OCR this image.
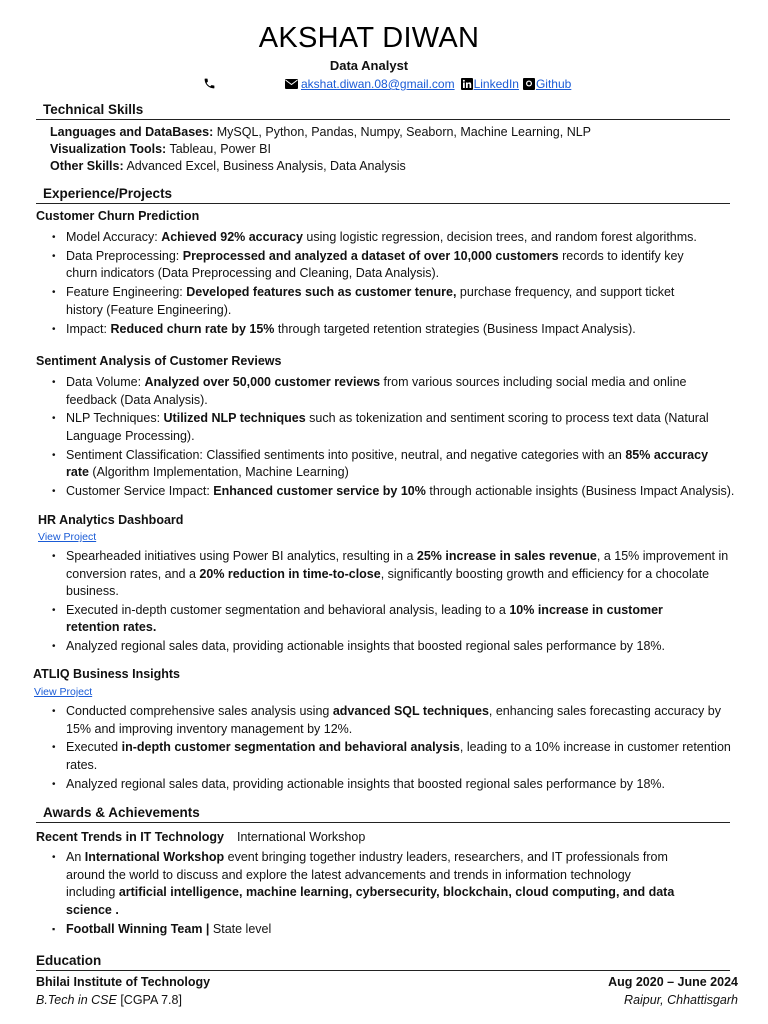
AKSHAT DIWAN
Data Analyst
akshat.diwan.08@gmail.com LinkedIn Github
Technical Skills
Languages and DataBases: MySQL, Python, Pandas, Numpy, Seaborn, Machine Learning, NLP
Visualization Tools: Tableau, Power BI
Other Skills: Advanced Excel, Business Analysis, Data Analysis
Experience/Projects
Customer Churn Prediction
• Model Accuracy: Achieved 92% accuracy using logistic regression, decision trees, and random forest algorithms.
• Data Preprocessing: Preprocessed and analyzed a dataset of over 10,000 customers records to identify key
churn indicators (Data Preprocessing and Cleaning, Data Analysis).
• Feature Engineering: Developed features such as customer tenure, purchase frequency, and support ticket
history (Feature Engineering).
• Impact: Reduced churn rate by 15% through targeted retention strategies (Business Impact Analysis).
Sentiment Analysis of Customer Reviews
• Data Volume: Analyzed over 50,000 customer reviews from various sources including social media and online
feedback (Data Analysis).
• NLP Techniques: Utilized NLP techniques such as tokenization and sentiment scoring to process text data (Natural
Language Processing).
• Sentiment Classification: Classified sentiments into positive, neutral, and negative categories with an 85% accuracy
rate (Algorithm Implementation, Machine Learning)
• Customer Service Impact: Enhanced customer service by 10% through actionable insights (Business Impact Analysis).
HR Analytics Dashboard
View Project
• Spearheaded initiatives using Power BI analytics, resulting in a 25% increase in sales revenue, a 15% improvement in
conversion rates, and a 20% reduction in time-to-close, significantly boosting growth and efficiency for a chocolate
business.
• Executed in-depth customer segmentation and behavioral analysis, leading to a 10% increase in customer
retention rates.
• Analyzed regional sales data, providing actionable insights that boosted regional sales performance by 18%.
ATLIQ Business Insights
View Project
• Conducted comprehensive sales analysis using advanced SQL techniques, enhancing sales forecasting accuracy by
15% and improving inventory management by 12%.
• Executed in-depth customer segmentation and behavioral analysis, leading to a 10% increase in customer retention
rates.
• Analyzed regional sales data, providing actionable insights that boosted regional sales performance by 18%.
Awards & Achievements
Recent Trends in IT Technology International Workshop
• An International Workshop event bringing together industry leaders, researchers, and IT professionals from
around the world to discuss and explore the latest advancements and trends in information technology
including artificial intelligence, machine learning, cybersecurity, blockchain, cloud computing, and data
science .
▪ Football Winning Team | State level
Education
Bhilai Institute of Technology	Aug 2020 – June 2024
B.Tech in CSE [CGPA 7.8]	Raipur, Chhattisgarh
